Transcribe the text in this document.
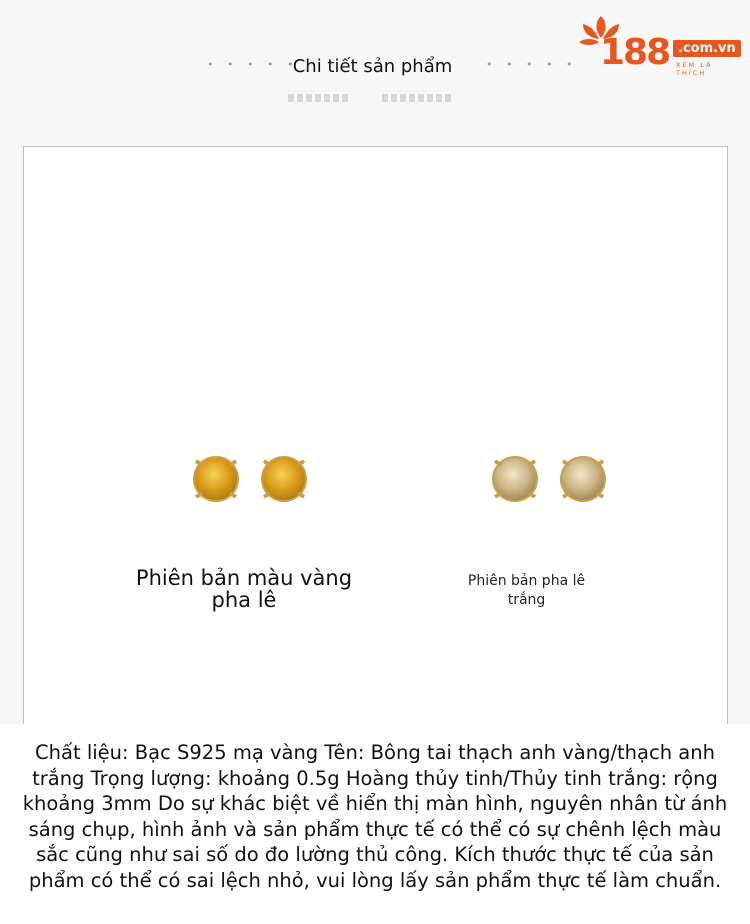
• • • • •
Chi tiết sản phẩm	• • • • • 188 .com.vn
XEM LÀ THÍCH
Phiên bản màu vàng pha lê
Phiên bản pha lê trắng
Chất liệu: Bạc S925 mạ vàng Tên: Bông tai thạch anh vàng/thạch anh trắng Trọng lượng: khoảng 0.5g Hoàng thủy tinh/Thủy tinh trắng: rộng khoảng 3mm Do sự khác biệt về hiển thị màn hình, nguyên nhân từ ánh sáng chụp, hình ảnh và sản phẩm thực tế có thể có sự chênh lệch màu sắc cũng như sai số do đo lường thủ công. Kích thước thực tế của sản phẩm có thể có sai lệch nhỏ, vui lòng lấy sản phẩm thực tế làm chuẩn.
